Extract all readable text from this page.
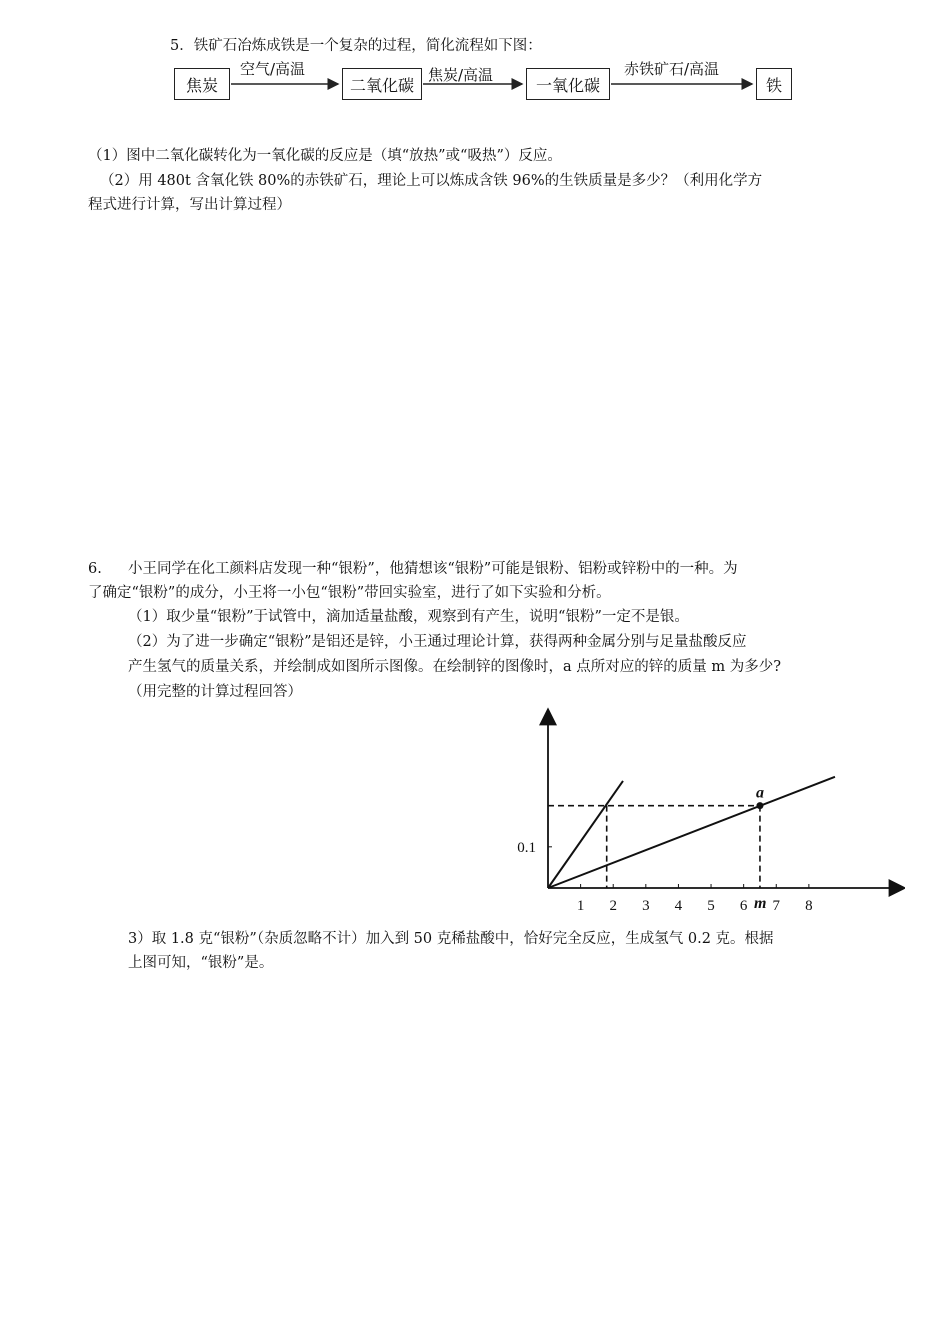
5．铁矿石冶炼成铁是一个复杂的过程，简化流程如下图：
焦炭	二氧化碳	一氧化碳	铁
空气/高温	焦炭/高温	赤铁矿石/高温
（1）图中二氧化碳转化为一氧化碳的反应是（填“放热”或“吸热”）反应。
（2）用 480t 含氧化铁 80%的赤铁矿石，理论上可以炼成含铁 96%的生铁质量是多少？（利用化学方
程式进行计算，写出计算过程）
6. 小王同学在化工颜料店发现一种“银粉”，他猜想该“银粉”可能是银粉、铝粉或锌粉中的一种。为
了确定“银粉”的成分，小王将一小包“银粉”带回实验室，进行了如下实验和分析。
（1）取少量“银粉”于试管中，滴加适量盐酸，观察到有产生，说明“银粉”一定不是银。
（2）为了进一步确定“银粉”是铝还是锌，小王通过理论计算，获得两种金属分别与足量盐酸反应
产生氢气的质量关系，并绘制成如图所示图像。在绘制锌的图像时，a 点所对应的锌的质量 m 为多少?
（用完整的计算过程回答）
1 2 3 4 5 6 7 8
0.1
a
m
3）取 1.8 克“银粉”（杂质忽略不计）加入到 50 克稀盐酸中，恰好完全反应，生成氢气 0.2 克。根据
上图可知，“银粉”是。
